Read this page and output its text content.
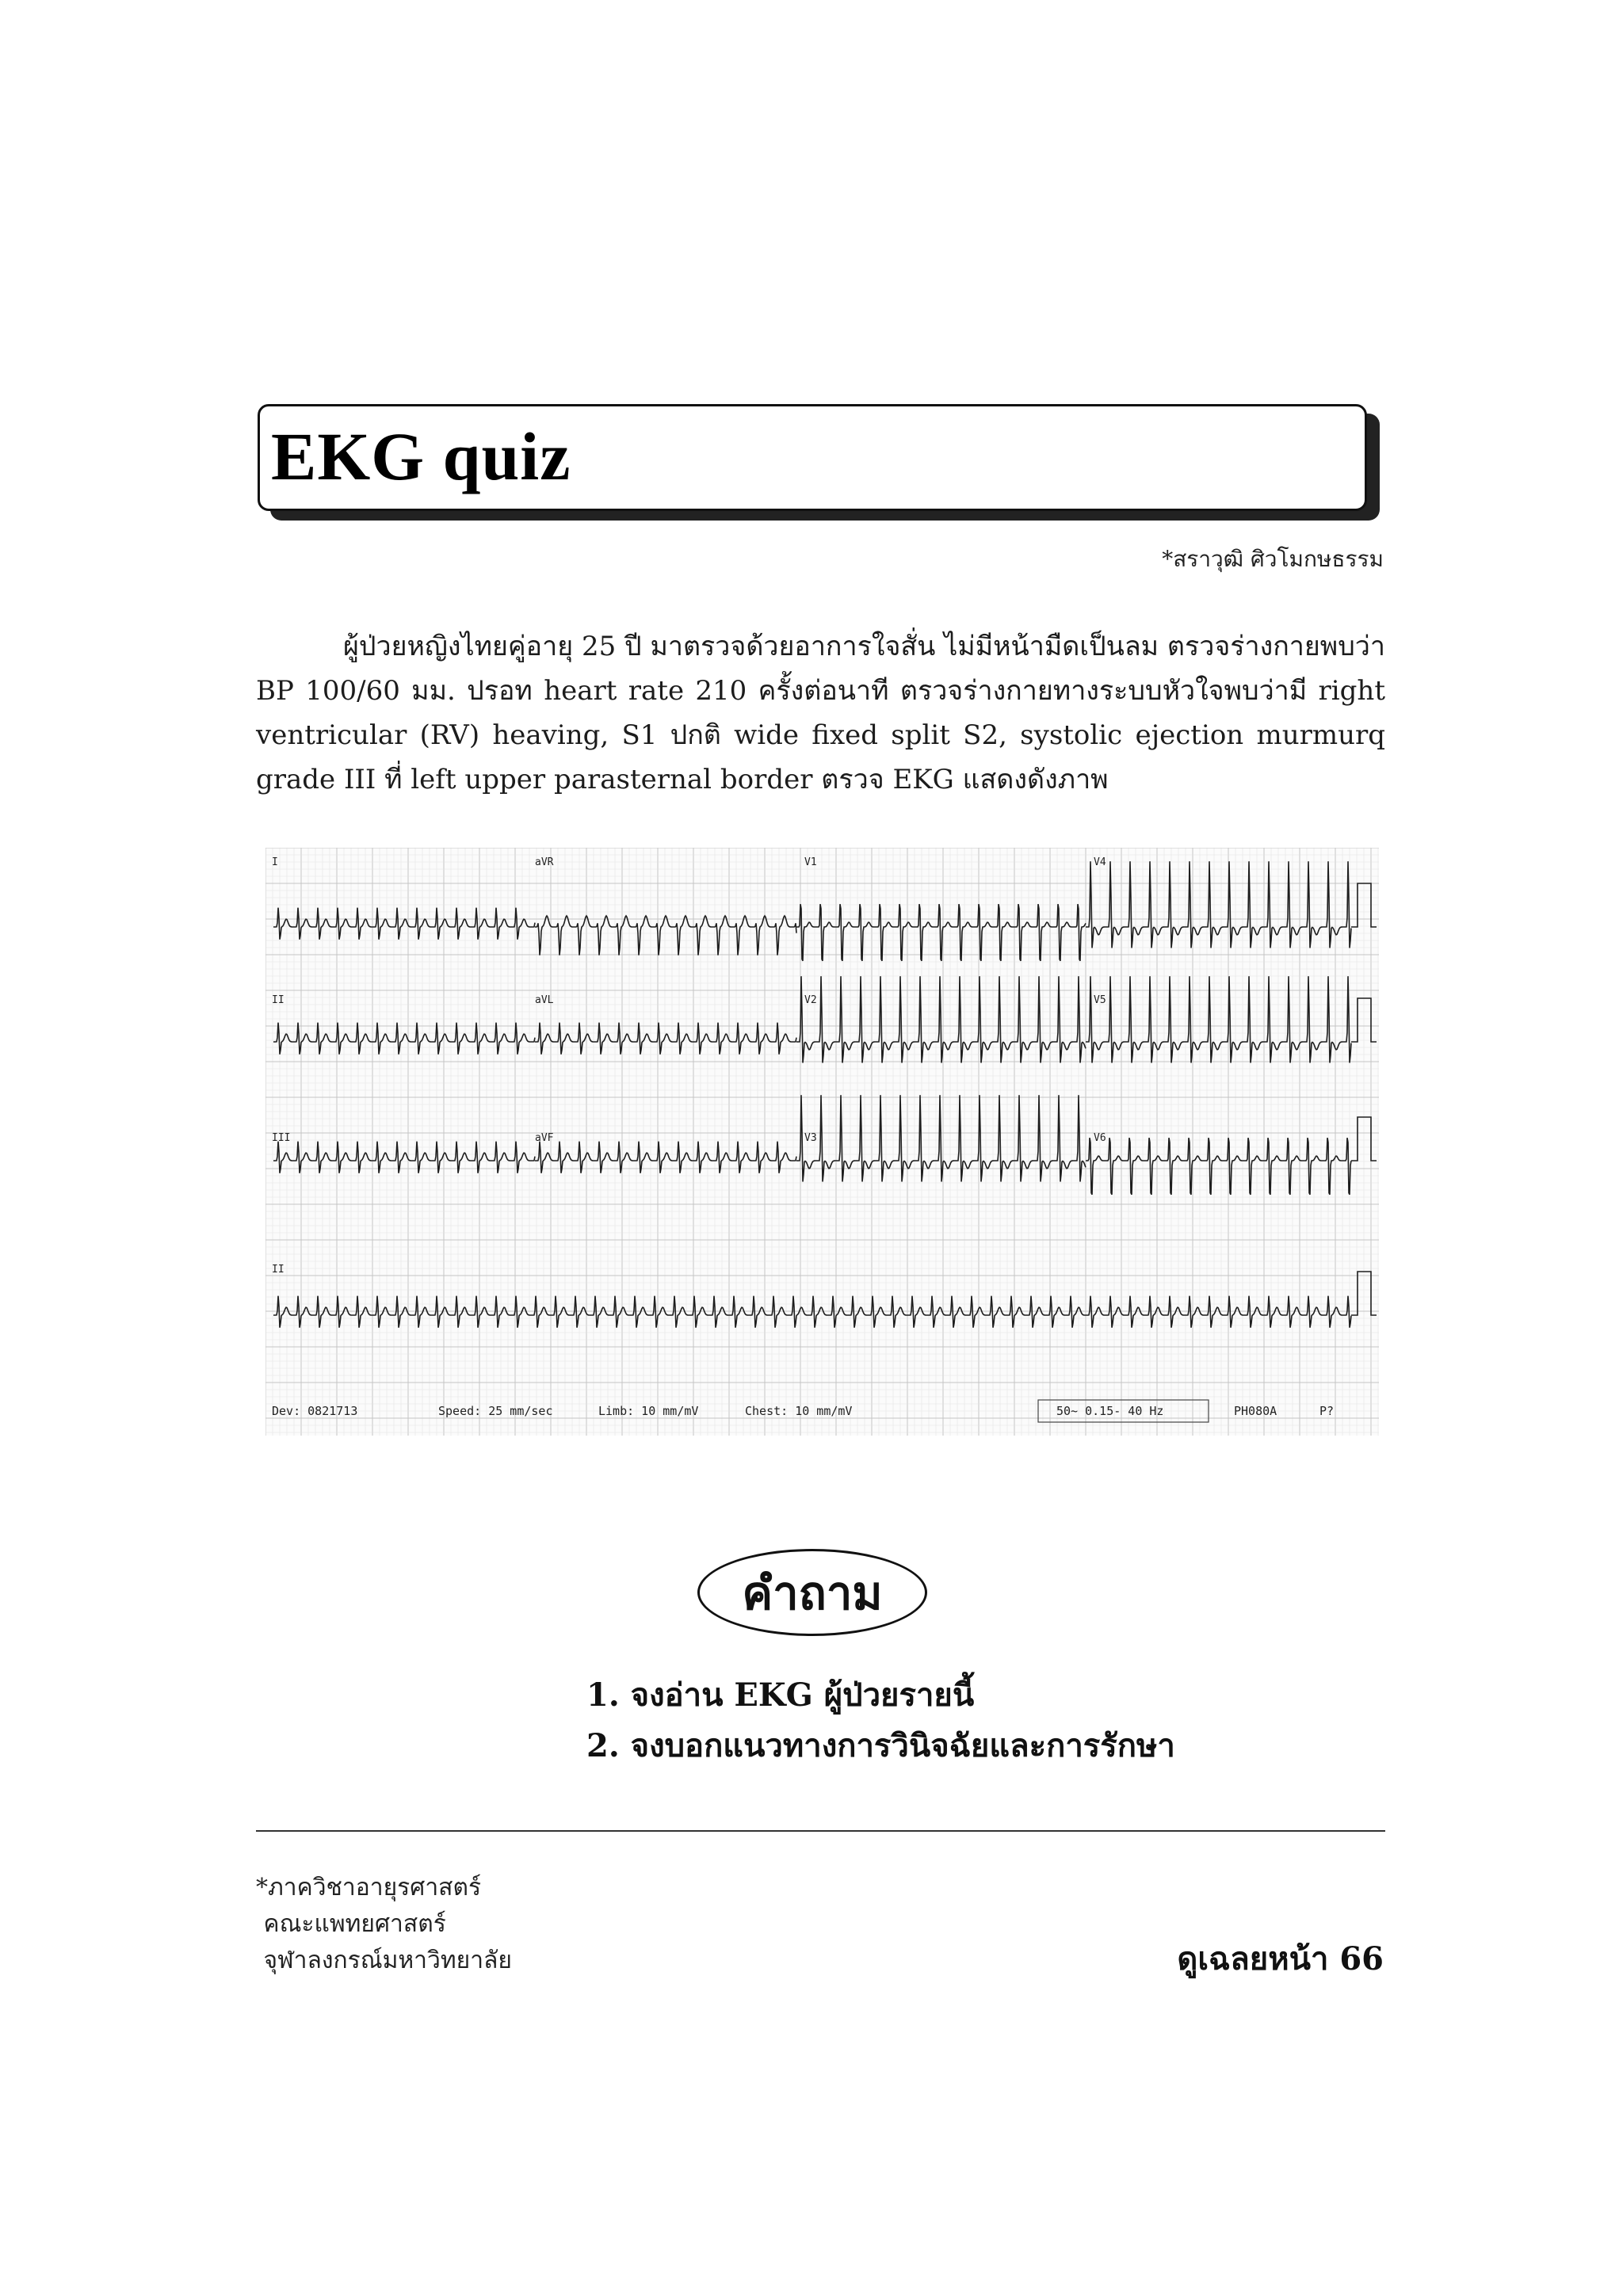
EKG quiz
*สราวุฒิ ศิวโมกษธรรม

ผู้ป่วยหญิงไทยคู่อายุ 25 ปี มาตรวจด้วยอาการใจสั่น ไม่มีหน้ามืดเป็นลม ตรวจร่างกายพบว่า BP 100/60 มม. ปรอท heart rate 210 ครั้งต่อนาที ตรวจร่างกายทางระบบหัวใจพบว่ามี right ventricular (RV) heaving, S1 ปกติ wide fixed split S2, systolic ejection murmurq grade III ที่ left upper parasternal border ตรวจ EKG แสดงดังภาพ

I	aVR	V1	V4
II	aVL	V2	V5
III	aVF	V3	V6
II
Dev: 0821713	Speed: 25 mm/sec	Limb: 10 mm/mV	Chest: 10 mm/mV	50~ 0.15- 40 Hz	PH080A	P?
คำถาม
1. จงอ่าน EKG ผู้ป่วยรายนี้
2. จงบอกแนวทางการวินิจฉัยและการรักษา
*ภาควิชาอายุรศาสตร์
คณะแพทยศาสตร์
จุฬาลงกรณ์มหาวิทยาลัย	ดูเฉลยหน้า 66
